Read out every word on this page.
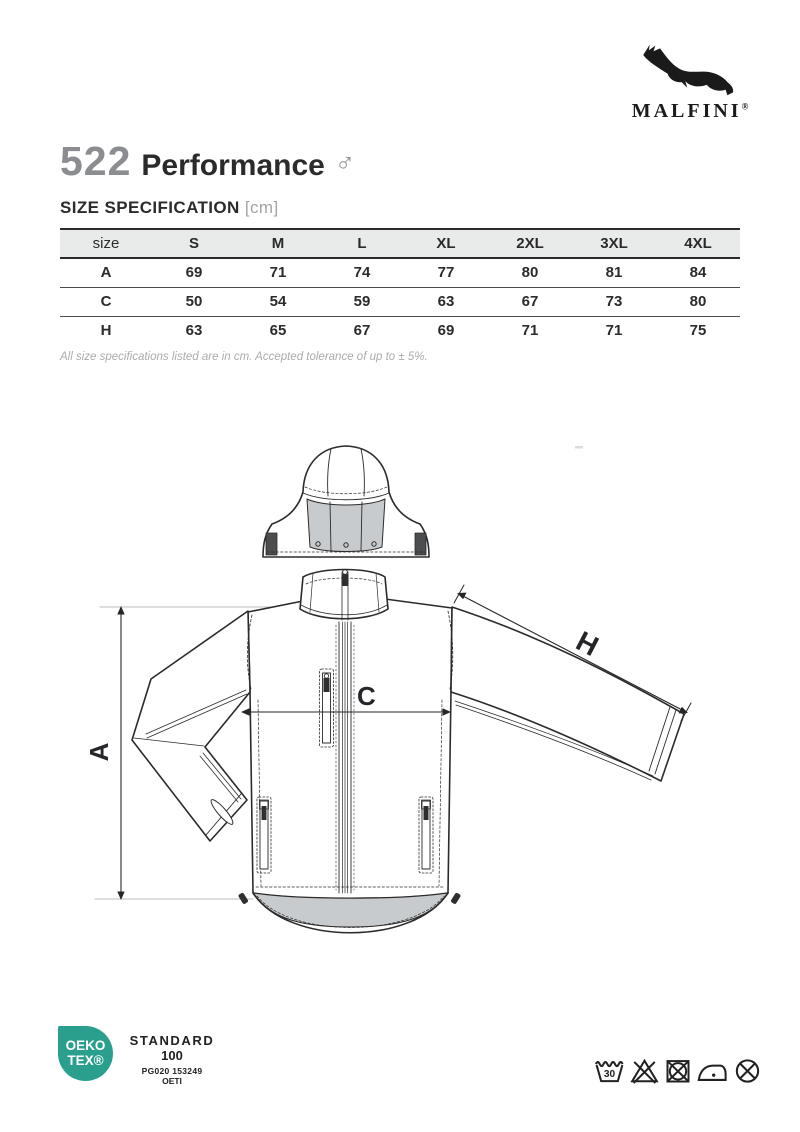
MALFINI®
522 Performance ♂
SIZE SPECIFICATION [cm]
size	S	M	L	XL	2XL	3XL	4XL
A	69	71	74	77	80	81	84
C	50	54	59	63	67	73	80
H	63	65	67	69	71	71	75
All size specifications listed are in cm. Accepted tolerance of up to ± 5%.
A
C
H
OEKO
TEX®
STANDARD
100
PG020 153249
OETI
30
